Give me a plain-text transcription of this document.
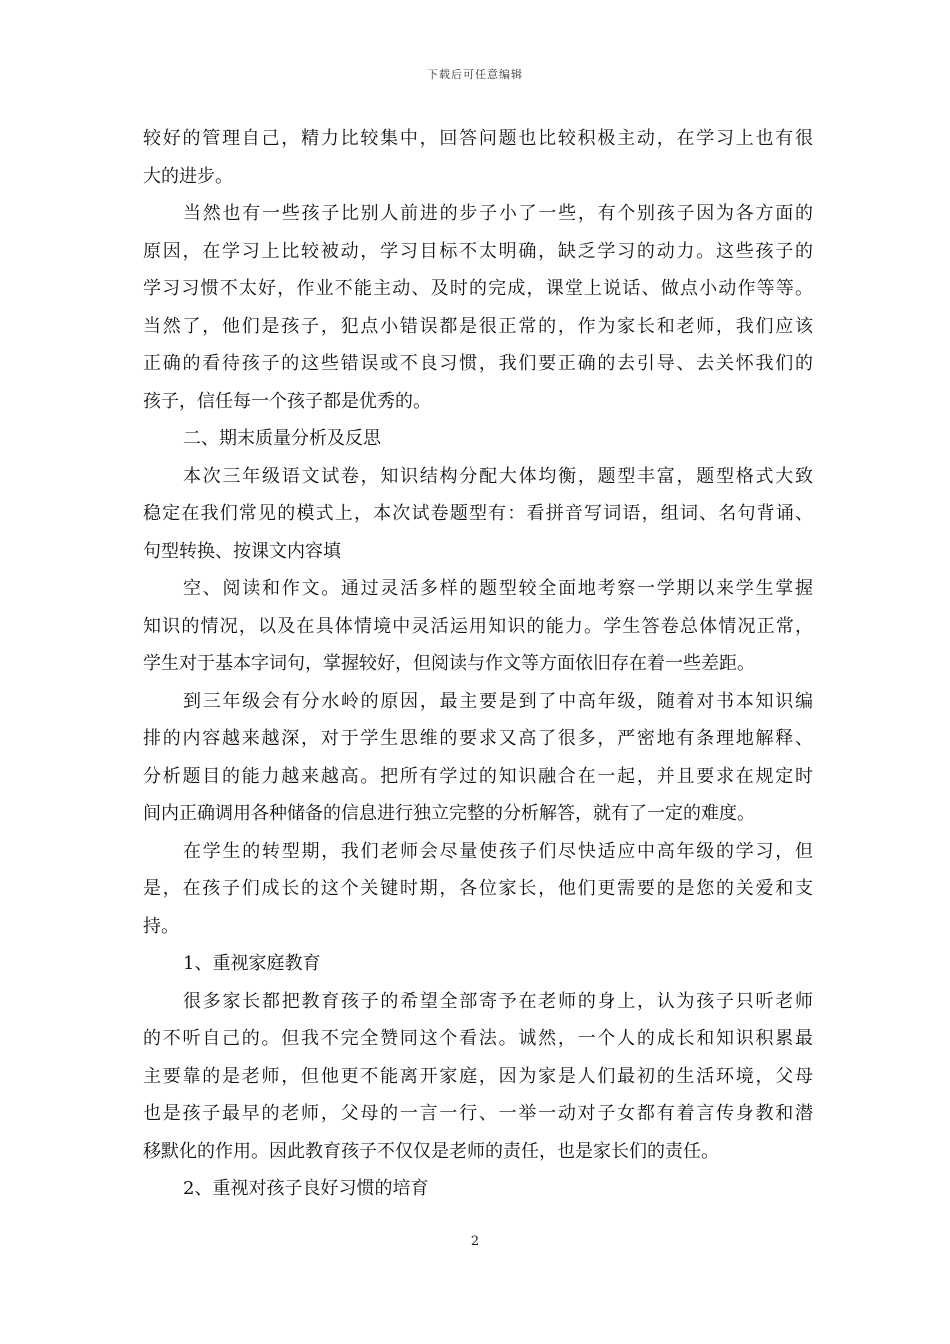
下载后可任意编辑
较好的管理自己，精力比较集中，回答问题也比较积极主动，在学习上也有很
大的进步。
当然也有一些孩子比别人前进的步子小了一些，有个别孩子因为各方面的
原因，在学习上比较被动，学习目标不太明确，缺乏学习的动力。这些孩子的
学习习惯不太好，作业不能主动、及时的完成，课堂上说话、做点小动作等等。
当然了，他们是孩子，犯点小错误都是很正常的，作为家长和老师，我们应该
正确的看待孩子的这些错误或不良习惯，我们要正确的去引导、去关怀我们的
孩子，信任每一个孩子都是优秀的。
二、期末质量分析及反思
本次三年级语文试卷，知识结构分配大体均衡，题型丰富，题型格式大致
稳定在我们常见的模式上，本次试卷题型有：看拼音写词语，组词、名句背诵、
句型转换、按课文内容填
空、阅读和作文。通过灵活多样的题型较全面地考察一学期以来学生掌握
知识的情况，以及在具体情境中灵活运用知识的能力。学生答卷总体情况正常，
学生对于基本字词句，掌握较好，但阅读与作文等方面依旧存在着一些差距。
到三年级会有分水岭的原因，最主要是到了中高年级，随着对书本知识编
排的内容越来越深，对于学生思维的要求又高了很多，严密地有条理地解释、
分析题目的能力越来越高。把所有学过的知识融合在一起，并且要求在规定时
间内正确调用各种储备的信息进行独立完整的分析解答，就有了一定的难度。
在学生的转型期，我们老师会尽量使孩子们尽快适应中高年级的学习，但
是，在孩子们成长的这个关键时期，各位家长，他们更需要的是您的关爱和支
持。
1、重视家庭教育
很多家长都把教育孩子的希望全部寄予在老师的身上，认为孩子只听老师
的不听自己的。但我不完全赞同这个看法。诚然，一个人的成长和知识积累最
主要靠的是老师，但他更不能离开家庭，因为家是人们最初的生活环境，父母
也是孩子最早的老师，父母的一言一行、一举一动对子女都有着言传身教和潜
移默化的作用。因此教育孩子不仅仅是老师的责任，也是家长们的责任。
2、重视对孩子良好习惯的培育
2
